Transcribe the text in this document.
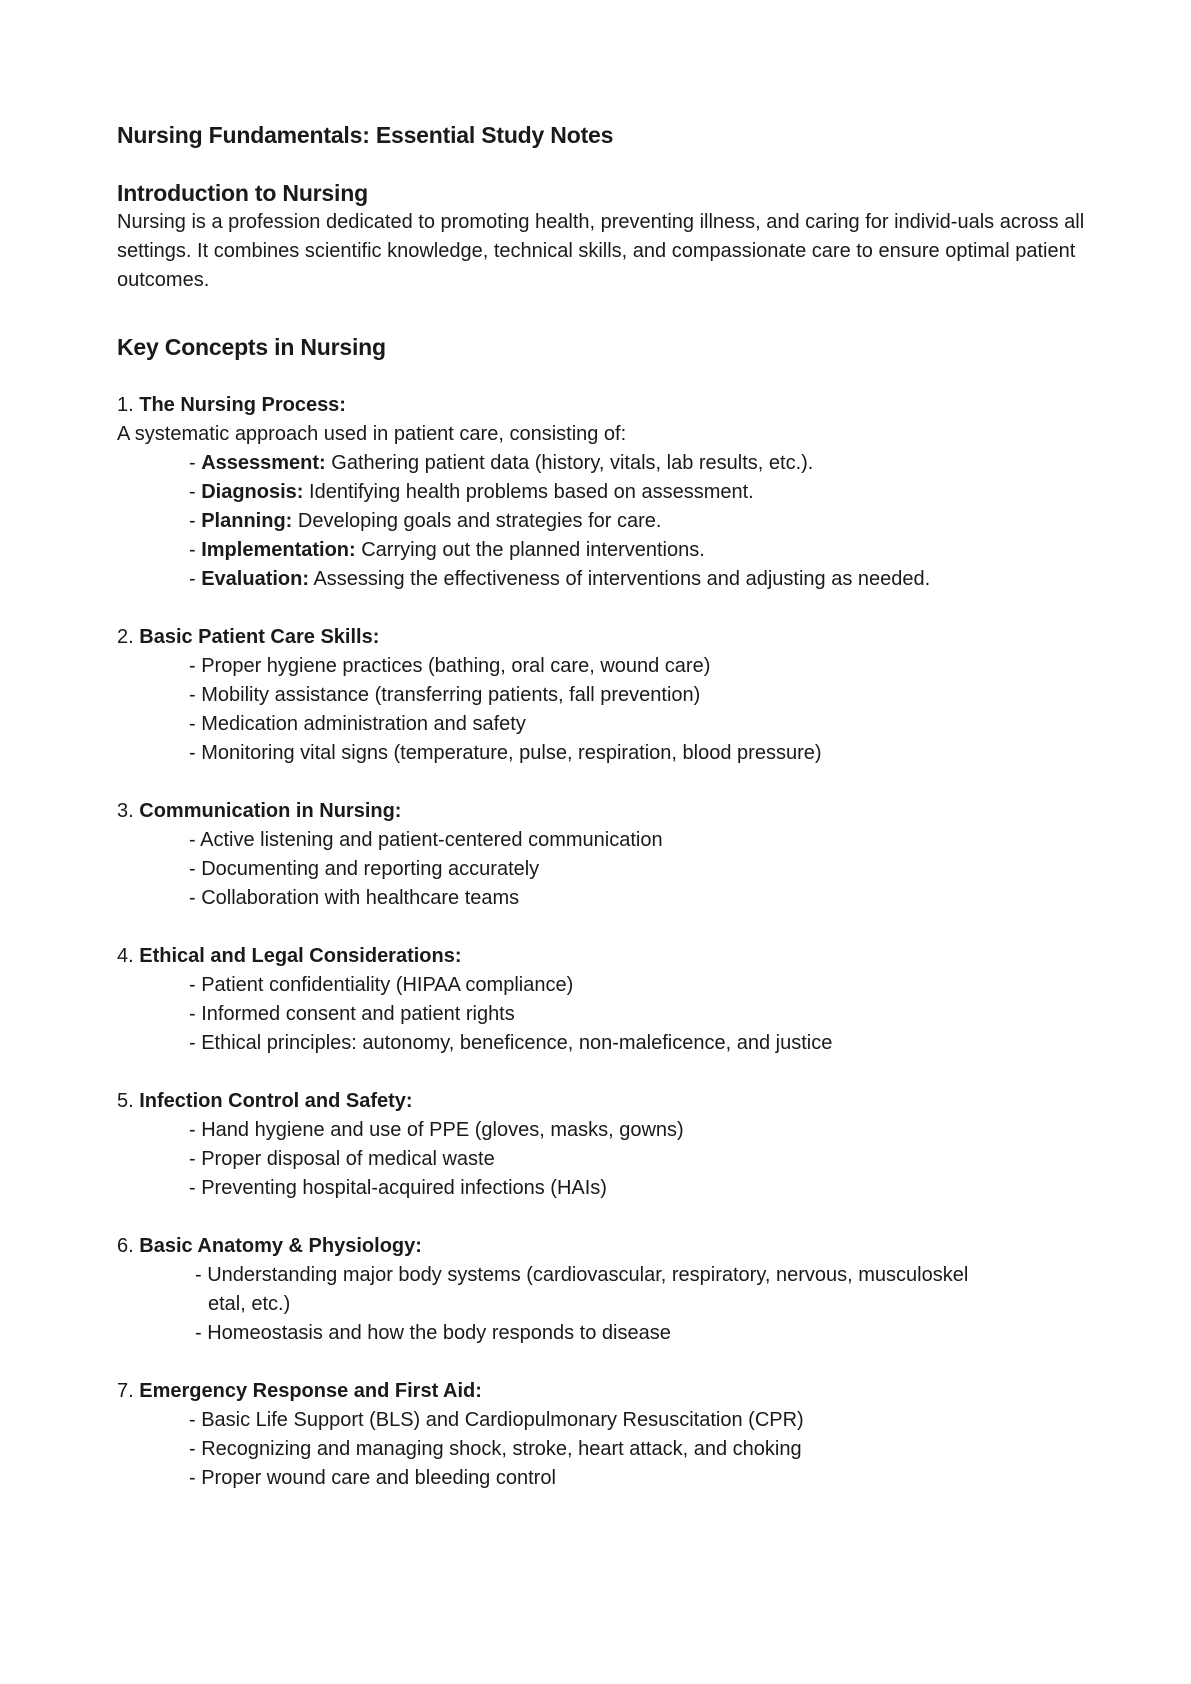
Nursing Fundamentals: Essential Study Notes
Introduction to Nursing

Nursing is a profession dedicated to promoting health, preventing illness, and caring for individ-uals across all settings. It combines scientific knowledge, technical skills, and compassionate care to ensure optimal patient outcomes.

Key Concepts in Nursing
1. The Nursing Process:

A systematic approach used in patient care, consisting of:

- Assessment: Gathering patient data (history, vitals, lab results, etc.).
- Diagnosis: Identifying health problems based on assessment.
- Planning: Developing goals and strategies for care.
- Implementation: Carrying out the planned interventions.
- Evaluation: Assessing the effectiveness of interventions and adjusting as needed.
2. Basic Patient Care Skills:
- Proper hygiene practices (bathing, oral care, wound care)
- Mobility assistance (transferring patients, fall prevention)
- Medication administration and safety
- Monitoring vital signs (temperature, pulse, respiration, blood pressure)
3. Communication in Nursing:
- Active listening and patient-centered communication
- Documenting and reporting accurately
- Collaboration with healthcare teams
4. Ethical and Legal Considerations:
- Patient confidentiality (HIPAA compliance)
- Informed consent and patient rights
- Ethical principles: autonomy, beneficence, non-maleficence, and justice
5. Infection Control and Safety:
- Hand hygiene and use of PPE (gloves, masks, gowns)
- Proper disposal of medical waste
- Preventing hospital-acquired infections (HAIs)
6. Basic Anatomy & Physiology:
- Understanding major body systems (cardiovascular, respiratory, nervous, musculoskel
etal, etc.)
- Homeostasis and how the body responds to disease
7. Emergency Response and First Aid:
- Basic Life Support (BLS) and Cardiopulmonary Resuscitation (CPR)
- Recognizing and managing shock, stroke, heart attack, and choking
- Proper wound care and bleeding control
